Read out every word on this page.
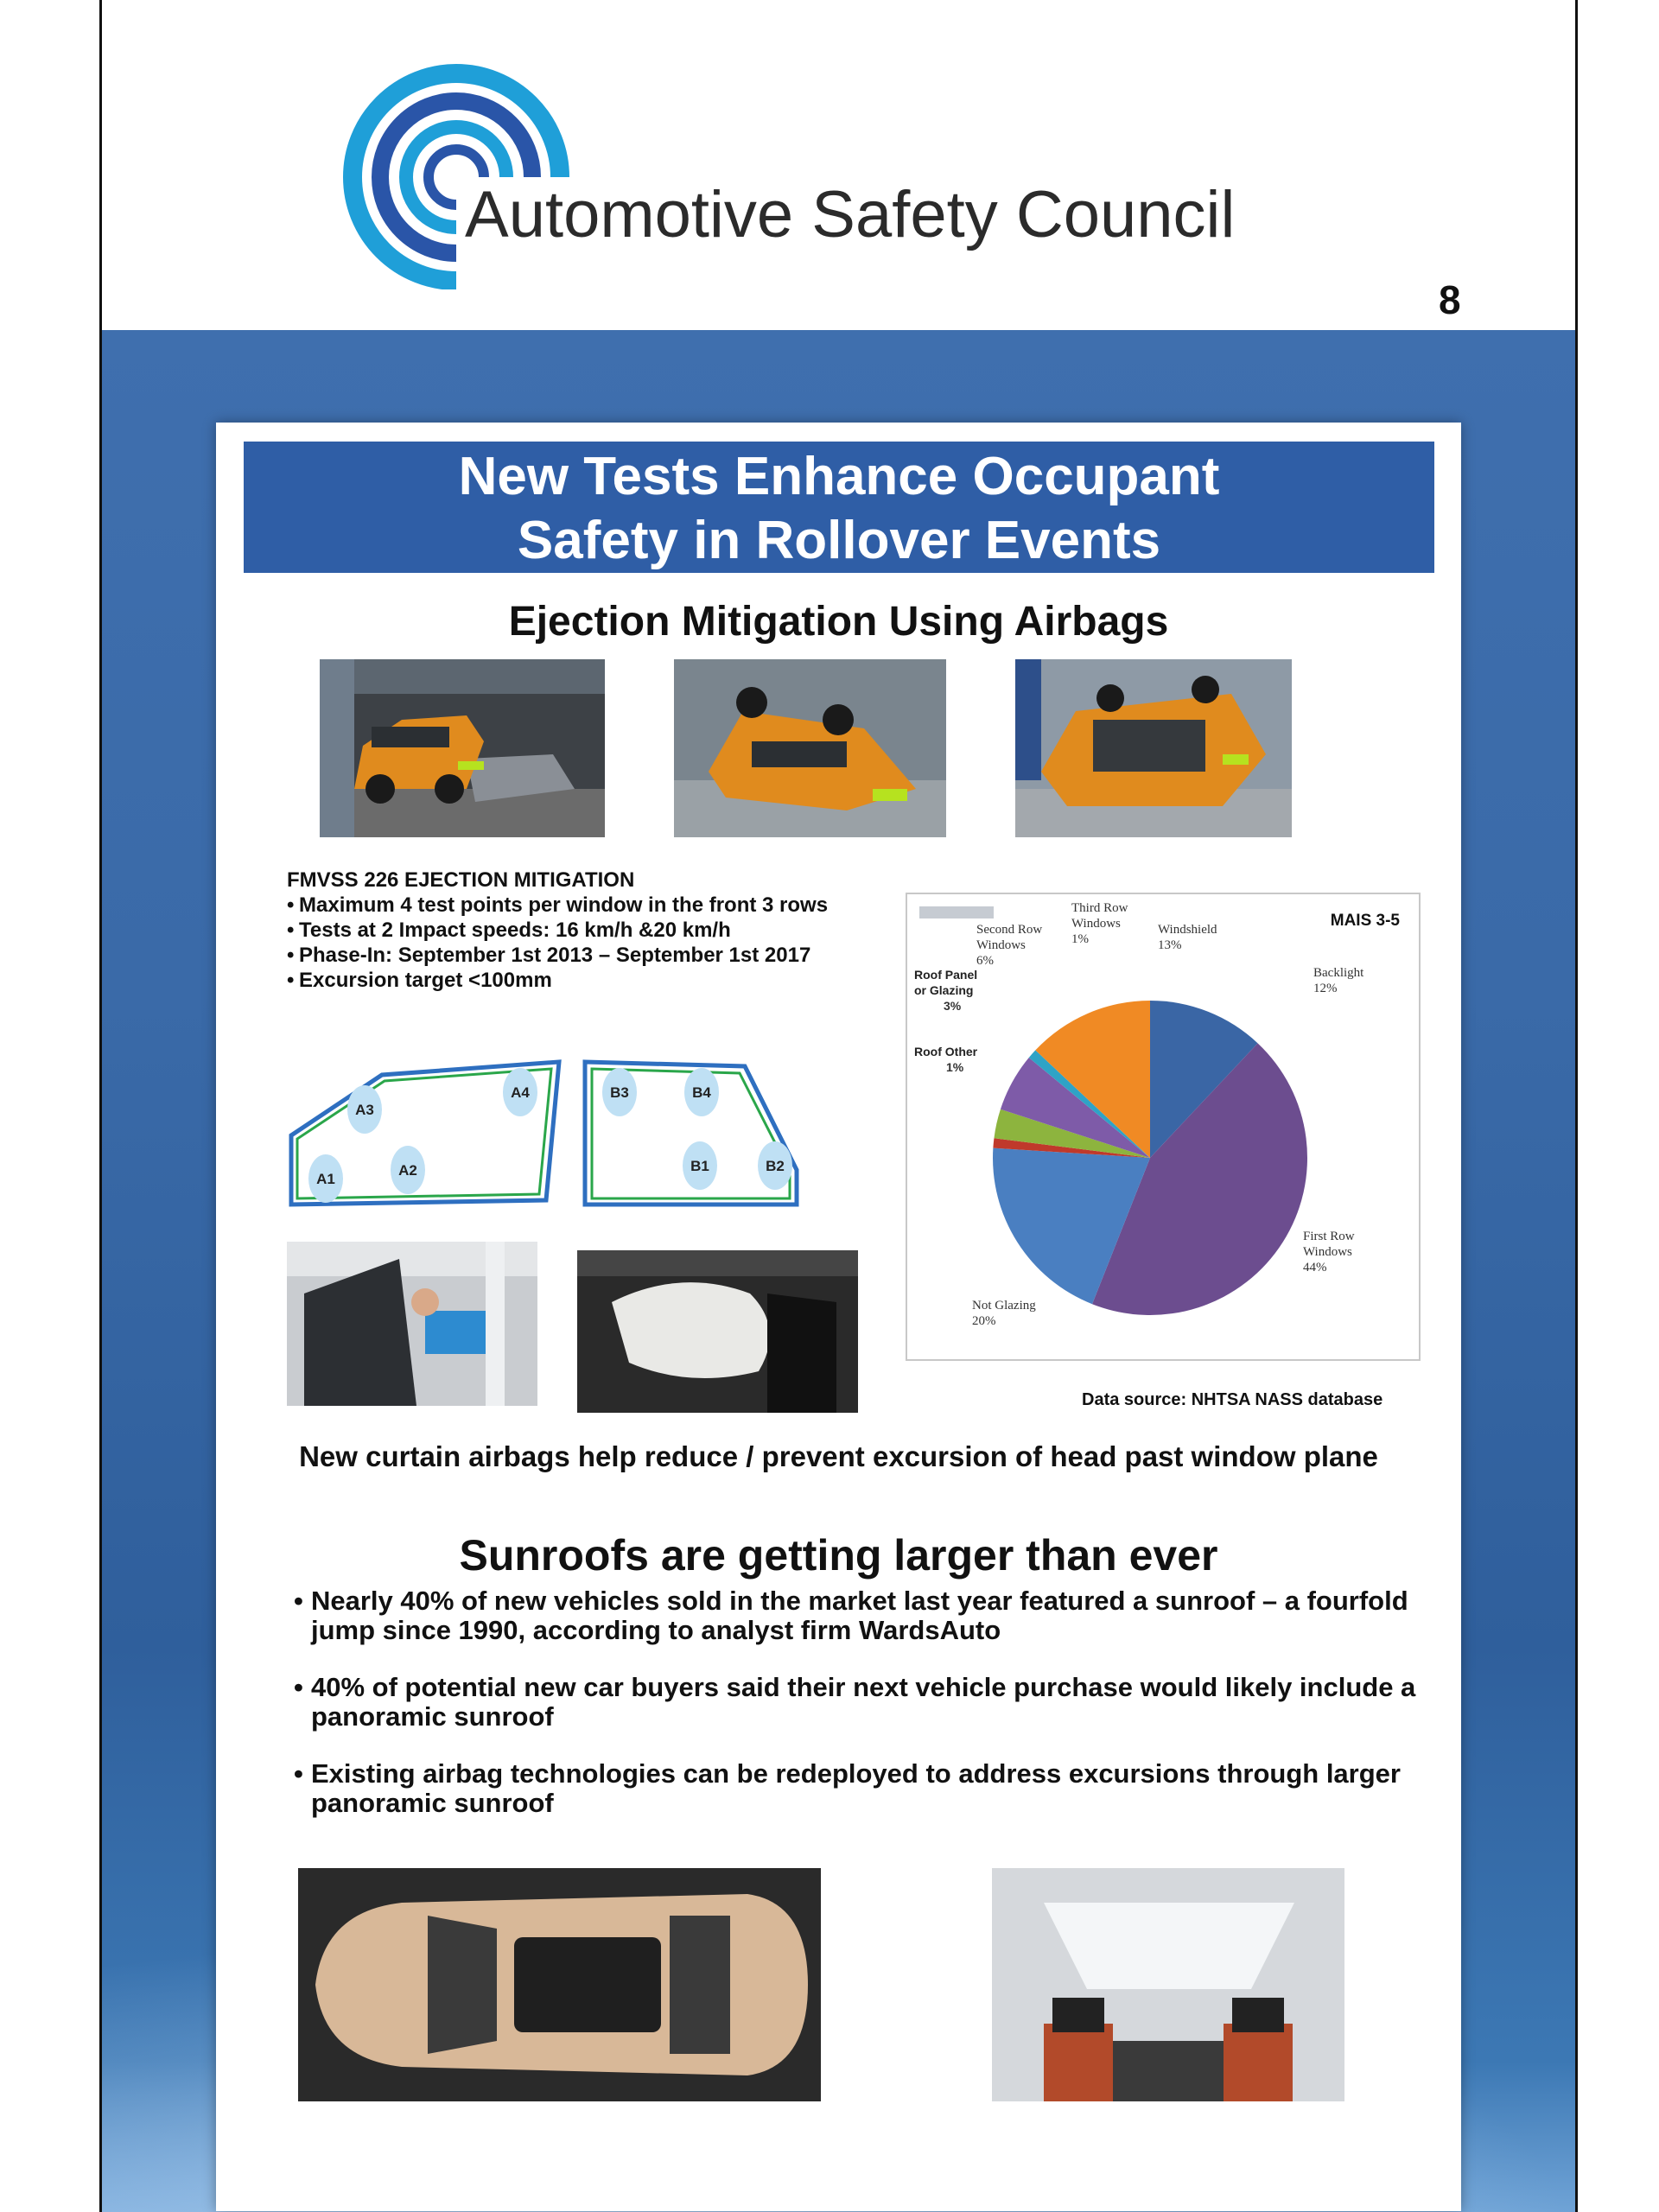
Automotive Safety Council
8
New Tests Enhance Occupant
Safety in Rollover Events
Ejection Mitigation Using Airbags
FMVSS 226 EJECTION MITIGATION
• Maximum 4 test points per window in the front 3 rows
• Tests at 2 Impact speeds: 16 km/h &20 km/h
• Phase-In: September 1st 2013 – September 1st 2017
• Excursion target <100mm
A1
A2
A3
A4
B1	B2
B3	B4
MAIS 3-5
Backlight
12%
First Row
Windows
44%
Not Glazing
20%
1%
3%
Second Row
Windows
6%
Third Row
Windows
1%
Windshield
13%
Roof Panel
or Glazing
Roof Other
Data source: NHTSA NASS database
New curtain airbags help reduce / prevent excursion of head past window plane
Sunroofs are getting larger than ever
• Nearly 40% of new vehicles sold in the market last year featured a sunroof – a fourfold jump since 1990, according to analyst firm WardsAuto
• 40% of potential new car buyers said their next vehicle purchase would likely include a panoramic sunroof
• Existing airbag technologies can be redeployed to address excursions through larger panoramic sunroof
